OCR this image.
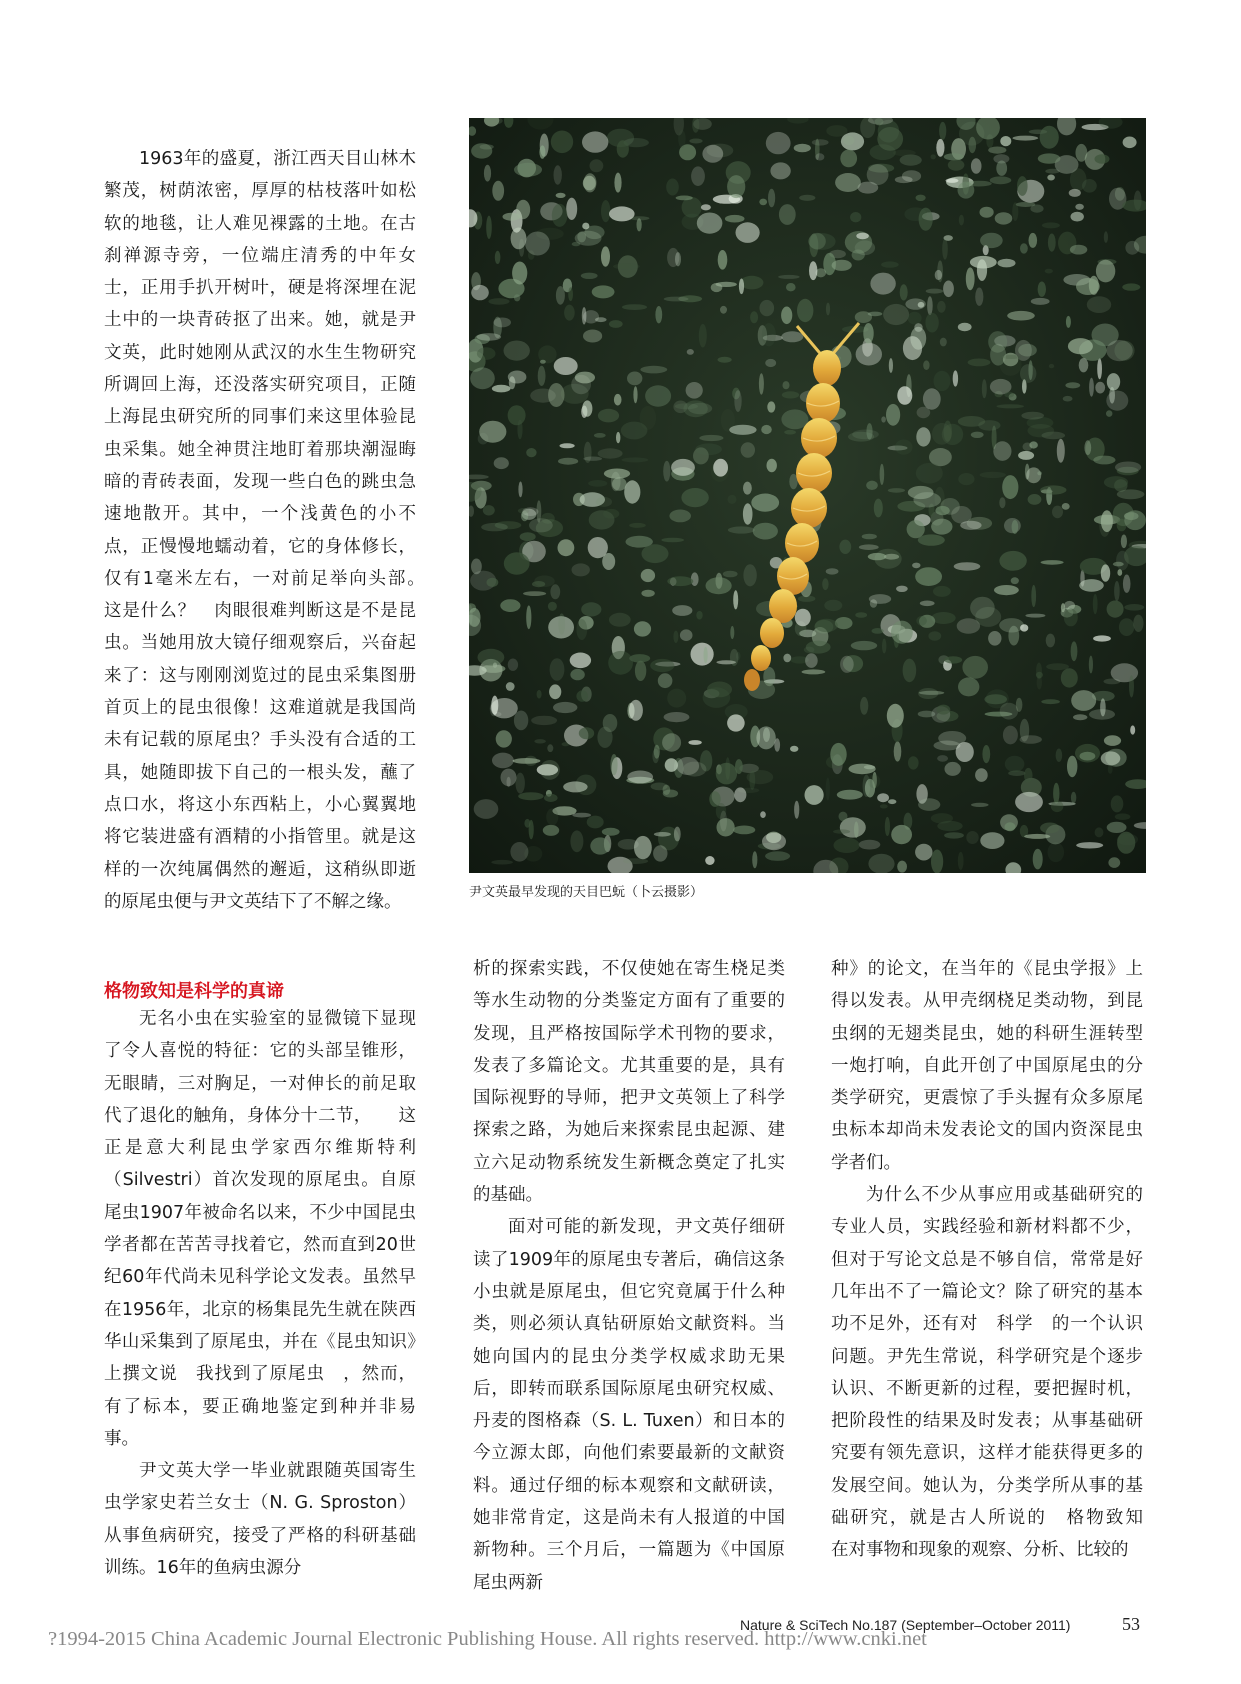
1963年的盛夏，浙江西天目山林木繁茂，树荫浓密，厚厚的枯枝落叶如松软的地毯，让人难见裸露的土地。在古刹禅源寺旁，一位端庄清秀的中年女士，正用手扒开树叶，硬是将深埋在泥土中的一块青砖抠了出来。她，就是尹文英，此时她刚从武汉的水生生物研究所调回上海，还没落实研究项目，正随上海昆虫研究所的同事们来这里体验昆虫采集。她全神贯注地盯着那块潮湿晦暗的青砖表面，发现一些白色的跳虫急速地散开。其中，一个浅黄色的小不点，正慢慢地蠕动着，它的身体修长，仅有1毫米左右，一对前足举向头部。　这是什么？　肉眼很难判断这是不是昆虫。当她用放大镜仔细观察后，兴奋起来了：这与刚刚浏览过的昆虫采集图册首页上的昆虫很像！这难道就是我国尚未有记载的原尾虫？手头没有合适的工具，她随即拔下自己的一根头发，蘸了点口水，将这小东西粘上，小心翼翼地将它装进盛有酒精的小指管里。就是这样的一次纯属偶然的邂逅，这稍纵即逝的原尾虫便与尹文英结下了不解之缘。

格物致知是科学的真谛

无名小虫在实验室的显微镜下显现了令人喜悦的特征：它的头部呈锥形，无眼睛，三对胸足，一对伸长的前足取代了退化的触角，身体分十二节，　　这正是意大利昆虫学家西尔维斯特利（Silvestri）首次发现的原尾虫。自原尾虫1907年被命名以来，不少中国昆虫学者都在苦苦寻找着它，然而直到20世纪60年代尚未见科学论文发表。虽然早在1956年，北京的杨集昆先生就在陕西华山采集到了原尾虫，并在《昆虫知识》上撰文说　我找到了原尾虫　，然而，有了标本，要正确地鉴定到种并非易事。

尹文英大学一毕业就跟随英国寄生虫学家史若兰女士（N. G. Sproston）从事鱼病研究，接受了严格的科研基础训练。16年的鱼病虫源分

尹文英最早发现的天目巴蚖（卜云摄影）

析的探索实践，不仅使她在寄生桡足类等水生动物的分类鉴定方面有了重要的发现，且严格按国际学术刊物的要求，发表了多篇论文。尤其重要的是，具有国际视野的导师，把尹文英领上了科学探索之路，为她后来探索昆虫起源、建立六足动物系统发生新概念奠定了扎实的基础。

面对可能的新发现，尹文英仔细研读了1909年的原尾虫专著后，确信这条小虫就是原尾虫，但它究竟属于什么种类，则必须认真钻研原始文献资料。当她向国内的昆虫分类学权威求助无果后，即转而联系国际原尾虫研究权威、丹麦的图格森（S. L. Tuxen）和日本的今立源太郎，向他们索要最新的文献资料。通过仔细的标本观察和文献研读，她非常肯定，这是尚未有人报道的中国新物种。三个月后，一篇题为《中国原尾虫两新

种》的论文，在当年的《昆虫学报》上得以发表。从甲壳纲桡足类动物，到昆虫纲的无翅类昆虫，她的科研生涯转型一炮打响，自此开创了中国原尾虫的分类学研究，更震惊了手头握有众多原尾虫标本却尚未发表论文的国内资深昆虫学者们。

为什么不少从事应用或基础研究的专业人员，实践经验和新材料都不少，但对于写论文总是不够自信，常常是好几年出不了一篇论文？除了研究的基本功不足外，还有对　科学　的一个认识问题。尹先生常说，科学研究是个逐步认识、不断更新的过程，要把握时机，把阶段性的结果及时发表；从事基础研究要有领先意识，这样才能获得更多的发展空间。她认为，分类学所从事的基础研究，就是古人所说的　格物致知　　在对事物和现象的观察、分析、比较的

Nature & SciTech No.187 (September–October 2011)	53
?1994-2015 China Academic Journal Electronic Publishing House. All rights reserved. http://www.cnki.net
